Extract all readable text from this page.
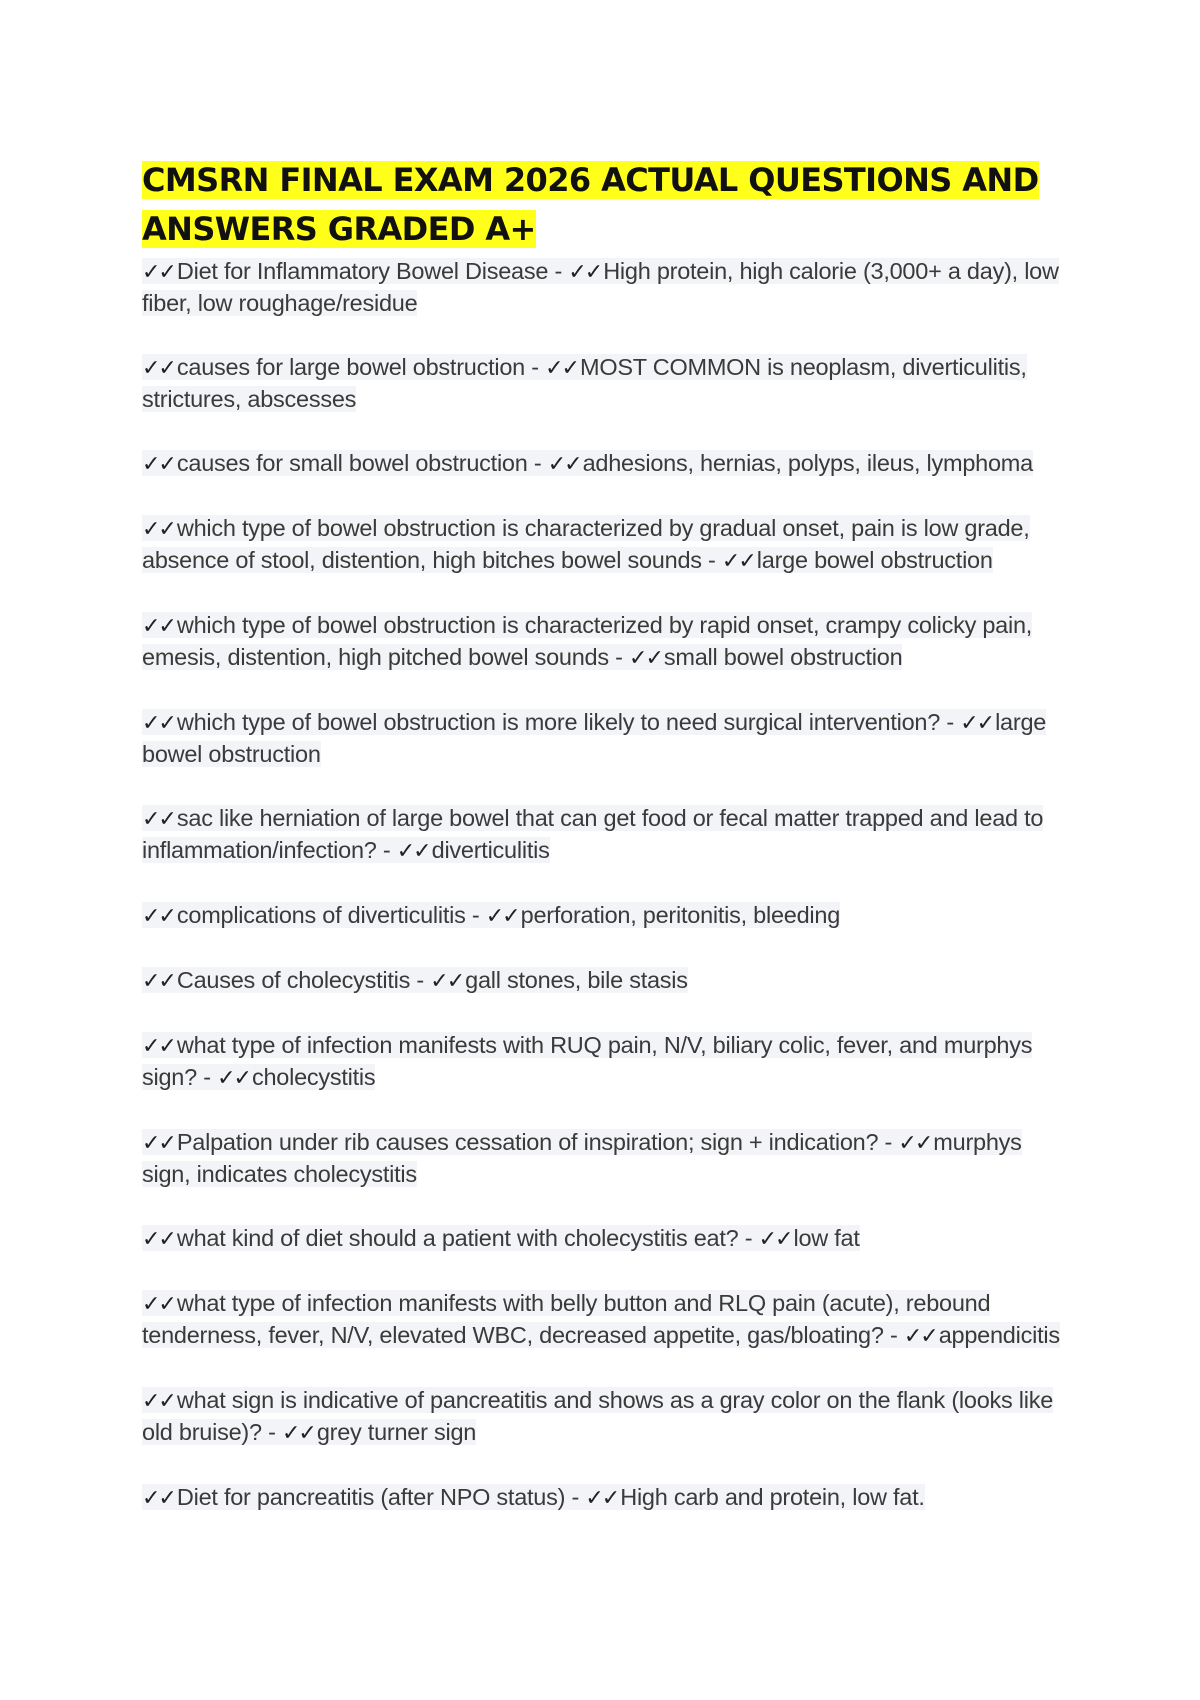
CMSRN FINAL EXAM 2026 ACTUAL QUESTIONS AND ANSWERS GRADED A+
✓✓Diet for Inflammatory Bowel Disease - ✓✓High protein, high calorie (3,000+ a day), low fiber, low roughage/residue
✓✓causes for large bowel obstruction - ✓✓MOST COMMON is neoplasm, diverticulitis, strictures, abscesses
✓✓causes for small bowel obstruction - ✓✓adhesions, hernias, polyps, ileus, lymphoma
✓✓which type of bowel obstruction is characterized by gradual onset, pain is low grade, absence of stool, distention, high bitches bowel sounds - ✓✓large bowel obstruction
✓✓which type of bowel obstruction is characterized by rapid onset, crampy colicky pain, emesis, distention, high pitched bowel sounds - ✓✓small bowel obstruction
✓✓which type of bowel obstruction is more likely to need surgical intervention? - ✓✓large bowel obstruction
✓✓sac like herniation of large bowel that can get food or fecal matter trapped and lead to inflammation/infection? - ✓✓diverticulitis
✓✓complications of diverticulitis - ✓✓perforation, peritonitis, bleeding
✓✓Causes of cholecystitis - ✓✓gall stones, bile stasis
✓✓what type of infection manifests with RUQ pain, N/V, biliary colic, fever, and murphys sign? - ✓✓cholecystitis
✓✓Palpation under rib causes cessation of inspiration; sign + indication? - ✓✓murphys sign, indicates cholecystitis
✓✓what kind of diet should a patient with cholecystitis eat? - ✓✓low fat
✓✓what type of infection manifests with belly button and RLQ pain (acute), rebound tenderness, fever, N/V, elevated WBC, decreased appetite, gas/bloating? - ✓✓appendicitis
✓✓what sign is indicative of pancreatitis and shows as a gray color on the flank (looks like old bruise)? - ✓✓grey turner sign
✓✓Diet for pancreatitis (after NPO status) - ✓✓High carb and protein, low fat.
